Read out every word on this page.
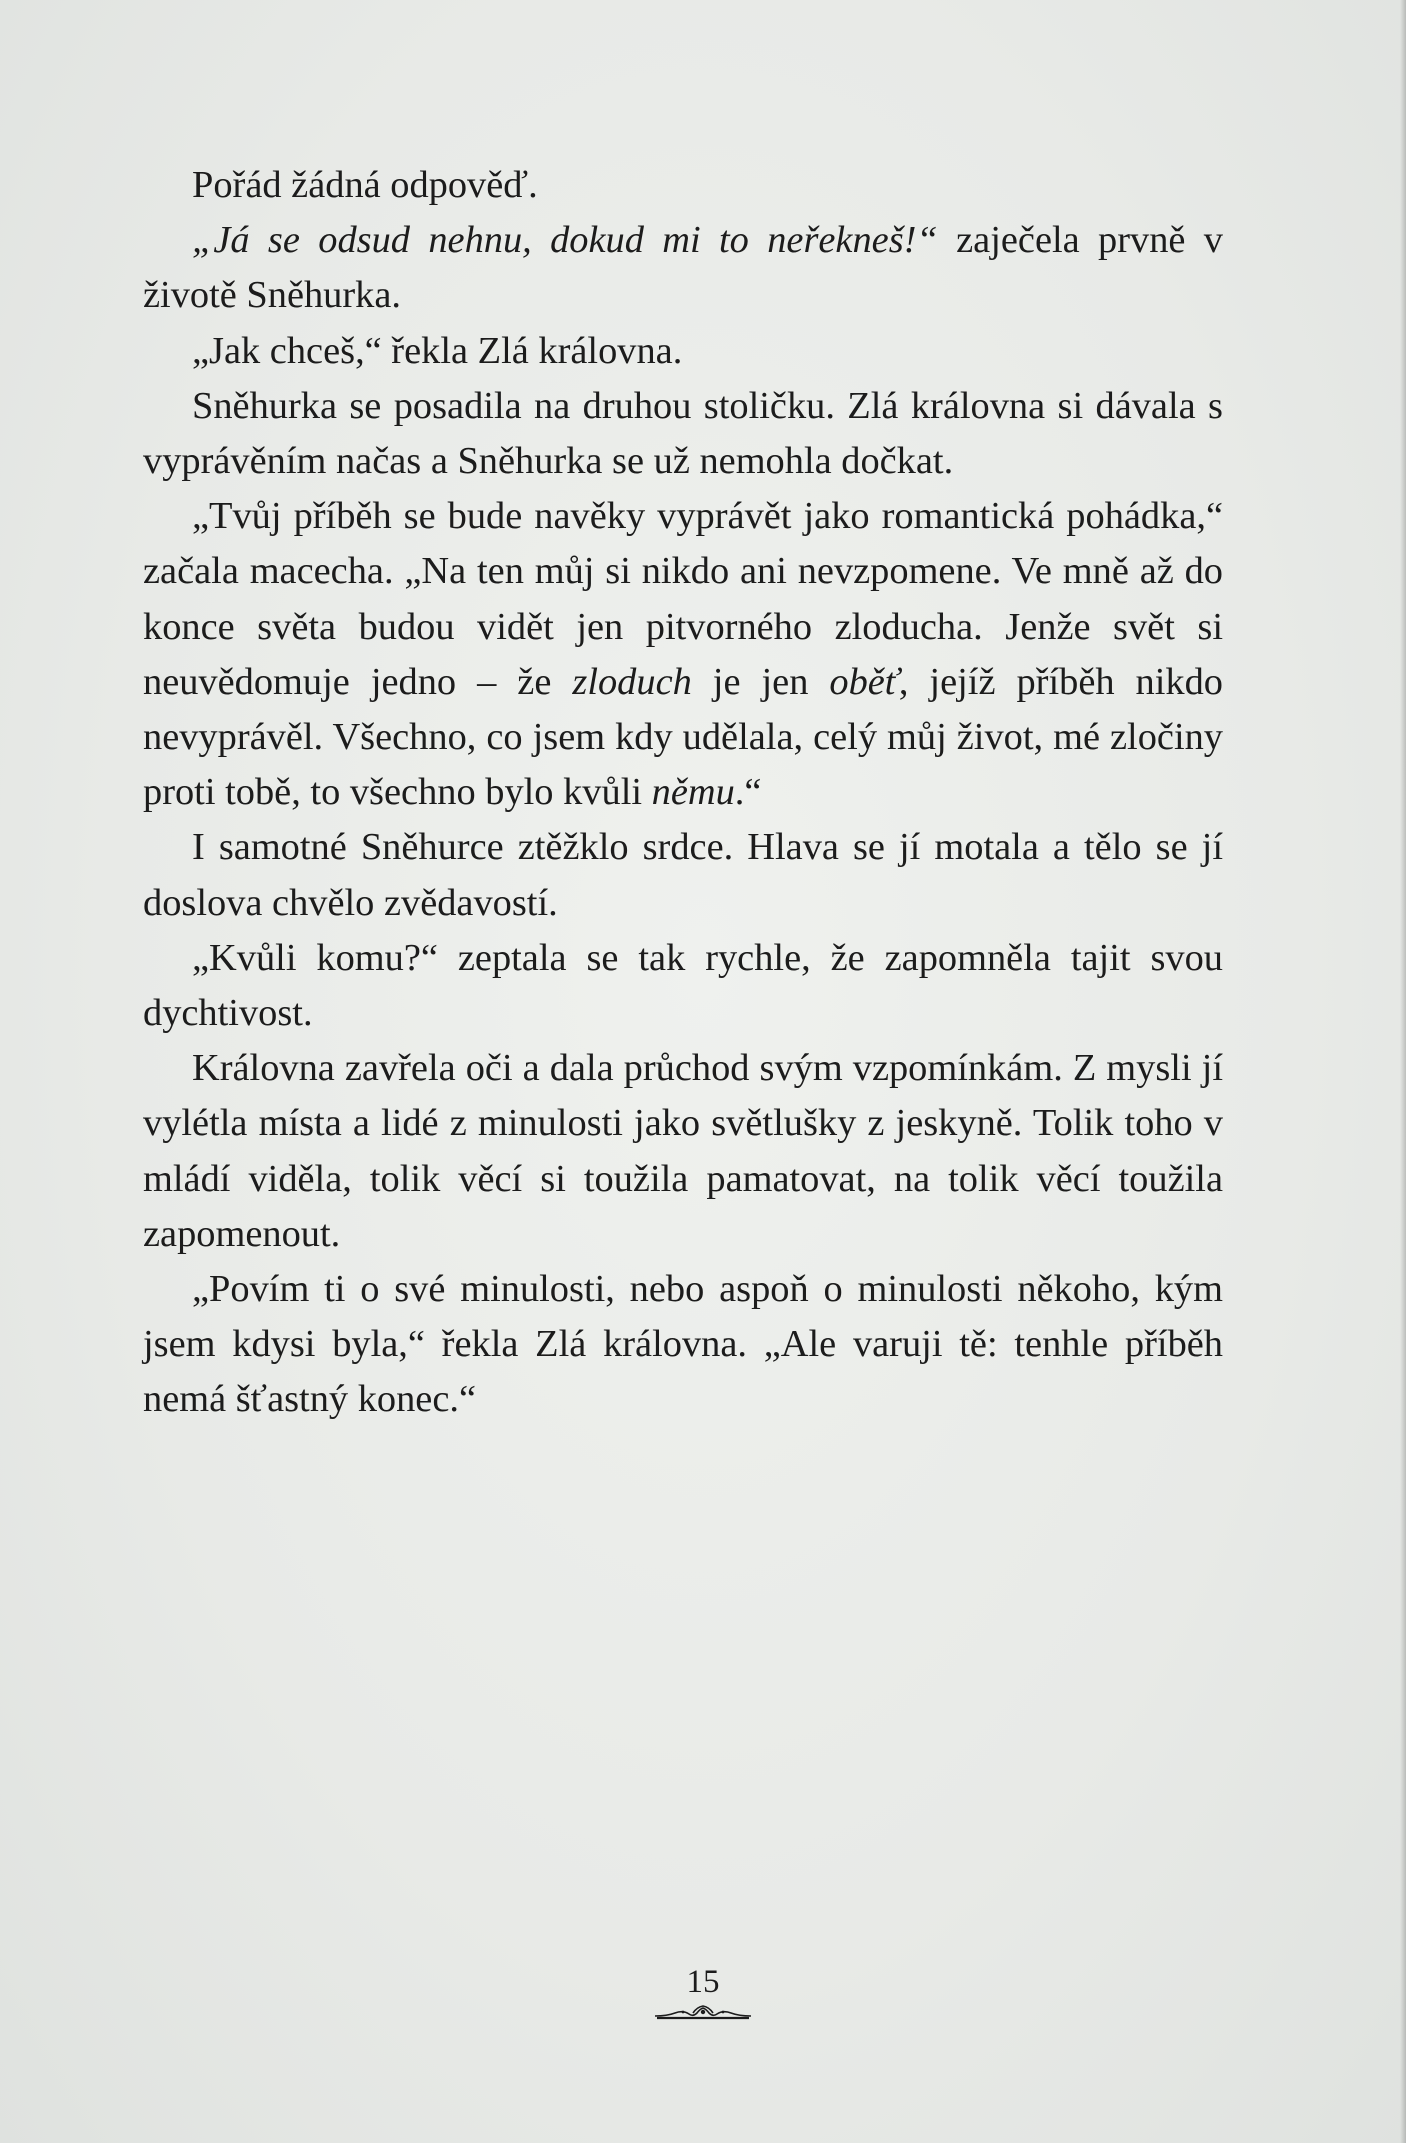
Pořád žádná odpověď.

„Já se odsud nehnu, dokud mi to neřekneš!“ zaječela prvně v životě Sněhurka.

„Jak chceš,“ řekla Zlá královna.

Sněhurka se posadila na druhou stoličku. Zlá královna si dávala s vyprávěním načas a Sněhurka se už nemohla dočkat.

„Tvůj příběh se bude navěky vyprávět jako romantická pohádka,“ začala macecha. „Na ten můj si nikdo ani nevzpomene. Ve mně až do konce světa budou vidět jen pitvorného zloducha. Jenže svět si neuvědomuje jedno – že zloduch je jen oběť, jejíž příběh nikdo nevyprávěl. Všechno, co jsem kdy udělala, celý můj život, mé zločiny proti tobě, to všechno bylo kvůli němu.“

I samotné Sněhurce ztěžklo srdce. Hlava se jí motala a tělo se jí doslova chvělo zvědavostí.

„Kvůli komu?“ zeptala se tak rychle, že zapomněla tajit svou dychtivost.

Královna zavřela oči a dala průchod svým vzpomínkám. Z mysli jí vylétla místa a lidé z minulosti jako světlušky z jeskyně. Tolik toho v mládí viděla, tolik věcí si toužila pamatovat, na tolik věcí toužila zapomenout.

„Povím ti o své minulosti, nebo aspoň o minulosti někoho, kým jsem kdysi byla,“ řekla Zlá královna. „Ale varuji tě: tenhle příběh nemá šťastný konec.“

15
